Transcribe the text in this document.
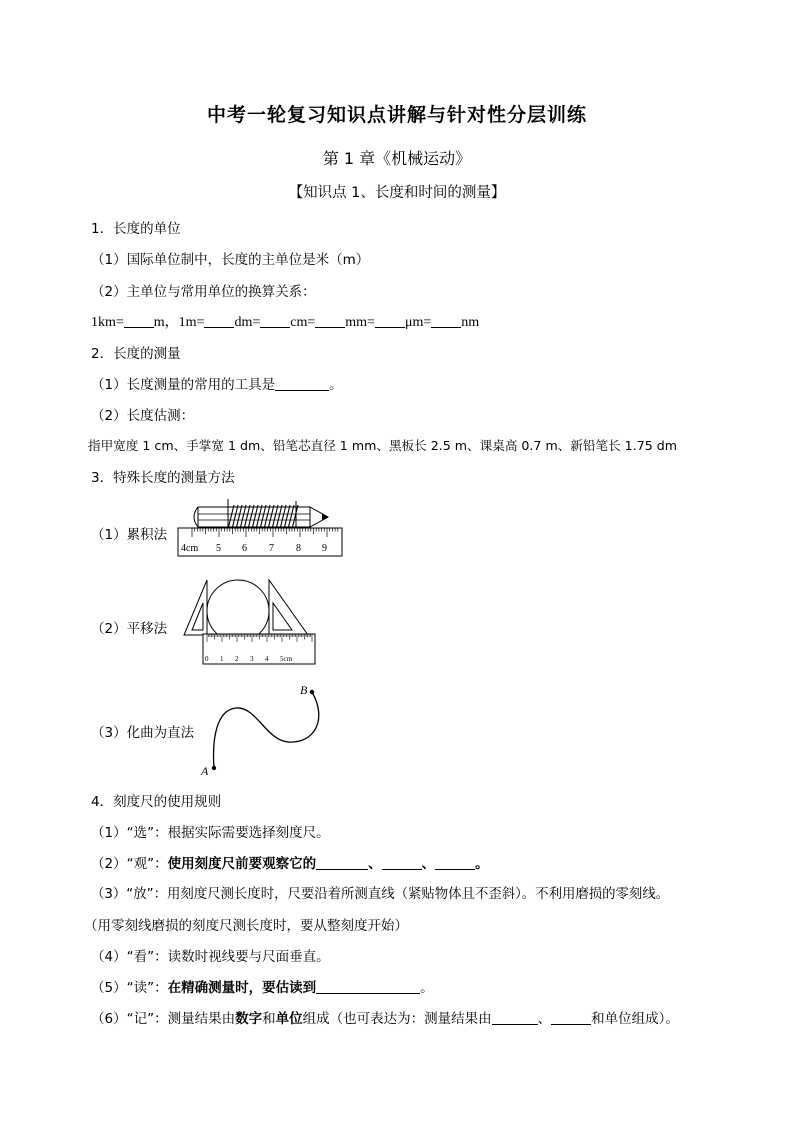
中考一轮复习知识点讲解与针对性分层训练
第 1 章《机械运动》
【知识点 1、长度和时间的测量】
1．长度的单位
（1）国际单位制中，长度的主单位是米（m）
（2）主单位与常用单位的换算关系：
1km= m，1m= dm= cm= mm= μm= nm
2．长度的测量
（1）长度测量的常用的工具是	。
（2）长度估测：
指甲宽度 1 cm、手掌宽 1 dm、铅笔芯直径 1 mm、黑板长 2.5 m、课桌高 0.7 m、新铅笔长 1.75 dm
3．特殊长度的测量方法
（1）累积法
4cm 5 6 7 8 9
（2）平移法
0 1 2 3 4 5cm
（3）化曲为直法
A
B
4．刻度尺的使用规则
（1）“选”：根据实际需要选择刻度尺。
（2）“观”：使用刻度尺前要观察它的	、	、	。
（3）“放”：用刻度尺测长度时，尺要沿着所测直线（紧贴物体且不歪斜）。不利用磨损的零刻线。
（用零刻线磨损的刻度尺测长度时，要从整刻度开始）
（4）“看”：读数时视线要与尺面垂直。
（5）“读”：在精确测量时，要估读到	。
（6）“记”：测量结果由数字和单位组成（也可表达为：测量结果由	、	和单位组成）。
